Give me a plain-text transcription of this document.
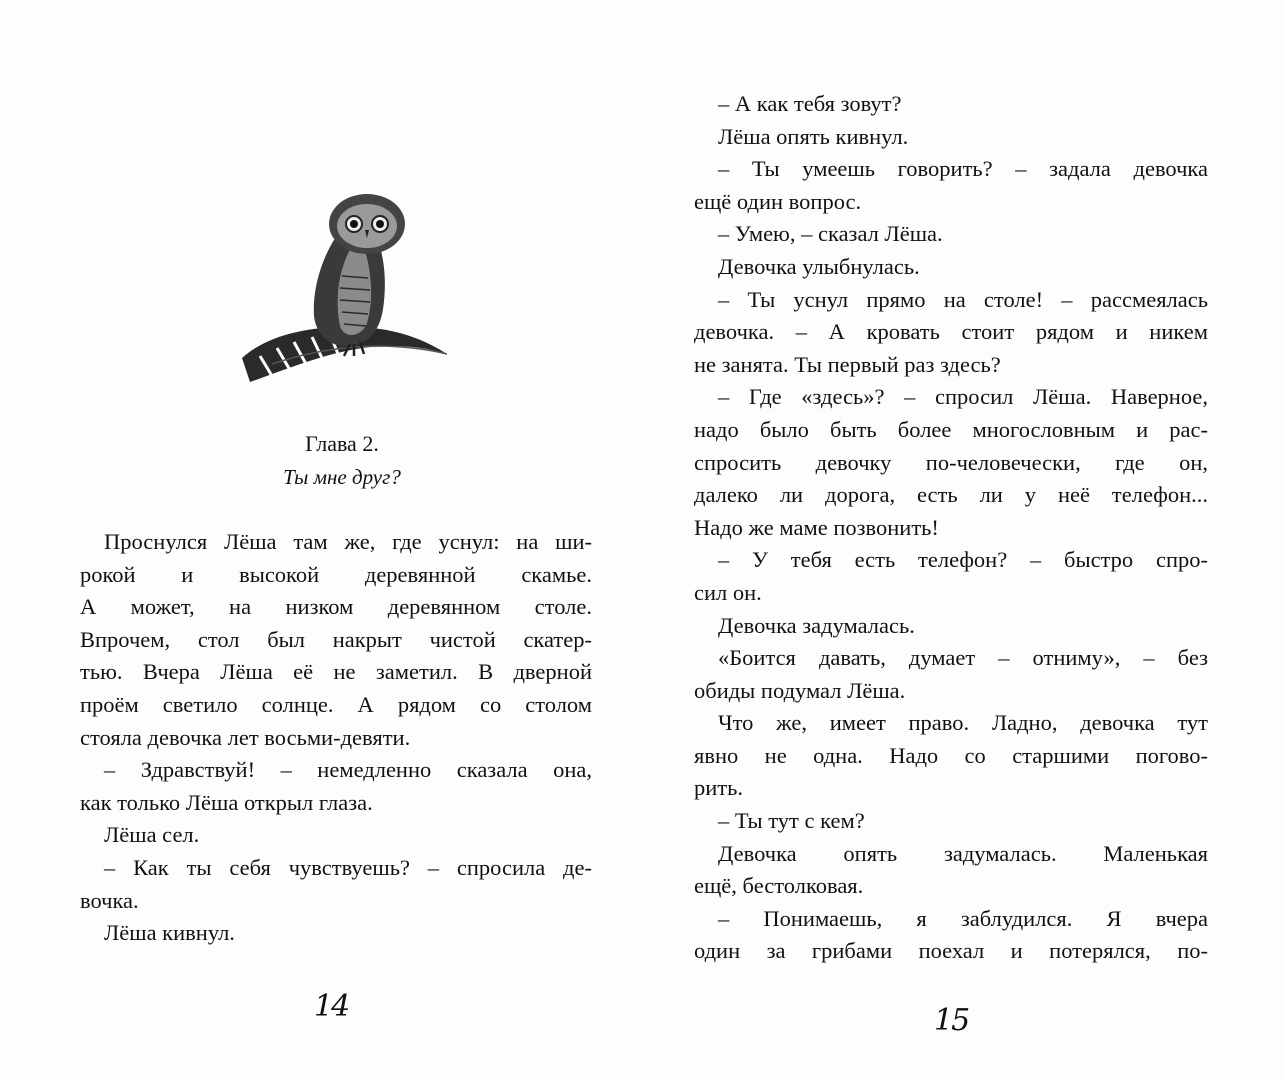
Глава 2.
Ты мне друг?

Проснулся Лёша там же, где уснул: на ши-

рокой и высокой деревянной скамье.

А может, на низком деревянном столе.

Впрочем, стол был накрыт чистой скатер-

тью. Вчера Лёша её не заметил. В дверной

проём светило солнце. А рядом со столом

стояла девочка лет восьми-девяти.

– Здравствуй! – немедленно сказала она,

как только Лёша открыл глаза.

Лёша сел.

– Как ты себя чувствуешь? – спросила де-

вочка.

Лёша кивнул.

14

– А как тебя зовут?

Лёша опять кивнул.

– Ты умеешь говорить? – задала девочка

ещё один вопрос.

– Умею, – сказал Лёша.

Девочка улыбнулась.

– Ты уснул прямо на столе! – рассмеялась

девочка. – А кровать стоит рядом и никем

не занята. Ты первый раз здесь?

– Где «здесь»? – спросил Лёша. Наверное,

надо было быть более многословным и рас-

спросить девочку по-человечески, где он,

далеко ли дорога, есть ли у неё телефон...

Надо же маме позвонить!

– У тебя есть телефон? – быстро спро-

сил он.

Девочка задумалась.

«Боится давать, думает – отниму», – без

обиды подумал Лёша.

Что же, имеет право. Ладно, девочка тут

явно не одна. Надо со старшими погово-

рить.

– Ты тут с кем?

Девочка опять задумалась. Маленькая

ещё, бестолковая.

– Понимаешь, я заблудился. Я вчера

один за грибами поехал и потерялся, по-

15
